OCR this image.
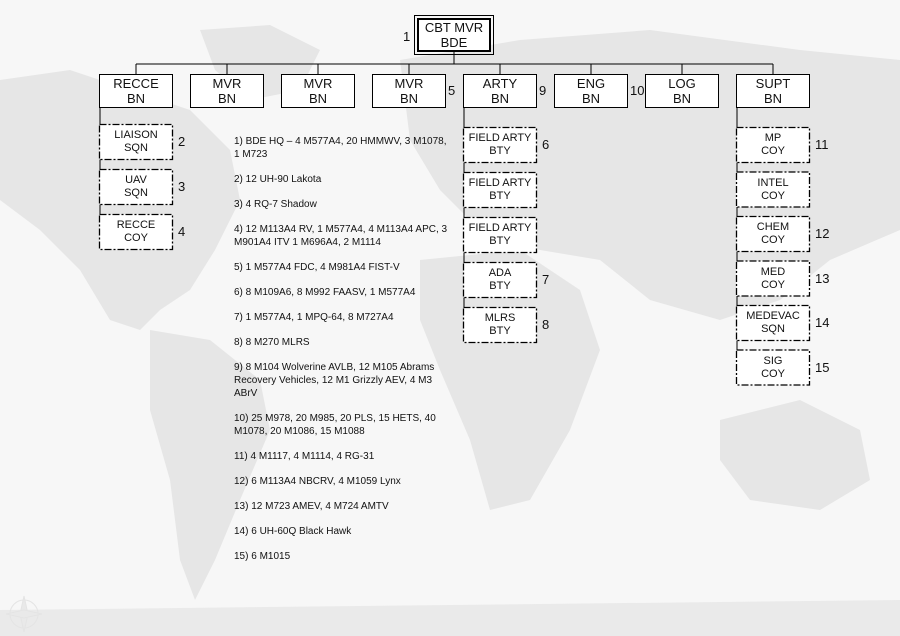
CBT MVR
BDE
1
RECCE
BN
MVR
BN
MVR
BN
MVR
BN
5	ARTY
BN
9	ENG
BN
10	LOG
BN
SUPT
BN
LIAISON
SQN	2
UAV
SQN	3
RECCE
COY	4
FIELD ARTY
BTY	6
FIELD ARTY
BTY
FIELD ARTY
BTY
ADA
BTY	7
MLRS
BTY	8
MP
COY	11
INTEL
COY
CHEM
COY	12
MED
COY	13
MEDEVAC
SQN	14
SIG
COY	15
1) BDE HQ – 4 M577A4, 20 HMMWV, 3 M1078, 1 M723
2) 12 UH-90 Lakota
3) 4 RQ-7 Shadow
4) 12 M113A4 RV, 1 M577A4, 4 M113A4 APC, 3 M901A4 ITV 1 M696A4, 2 M1114
5) 1 M577A4 FDC, 4 M981A4 FIST-V
6) 8 M109A6, 8 M992 FAASV, 1 M577A4
7) 1 M577A4, 1 MPQ-64, 8 M727A4
8) 8 M270 MLRS
9) 8 M104 Wolverine AVLB, 12 M105 Abrams Recovery Vehicles, 12 M1 Grizzly AEV, 4 M3 ABrV
10) 25 M978, 20 M985, 20 PLS, 15 HETS, 40 M1078, 20 M1086, 15 M1088
11) 4 M1117, 4 M1114, 4 RG-31
12) 6 M113A4 NBCRV, 4 M1059 Lynx
13) 12 M723 AMEV, 4 M724 AMTV
14) 6 UH-60Q Black Hawk
15) 6 M1015
